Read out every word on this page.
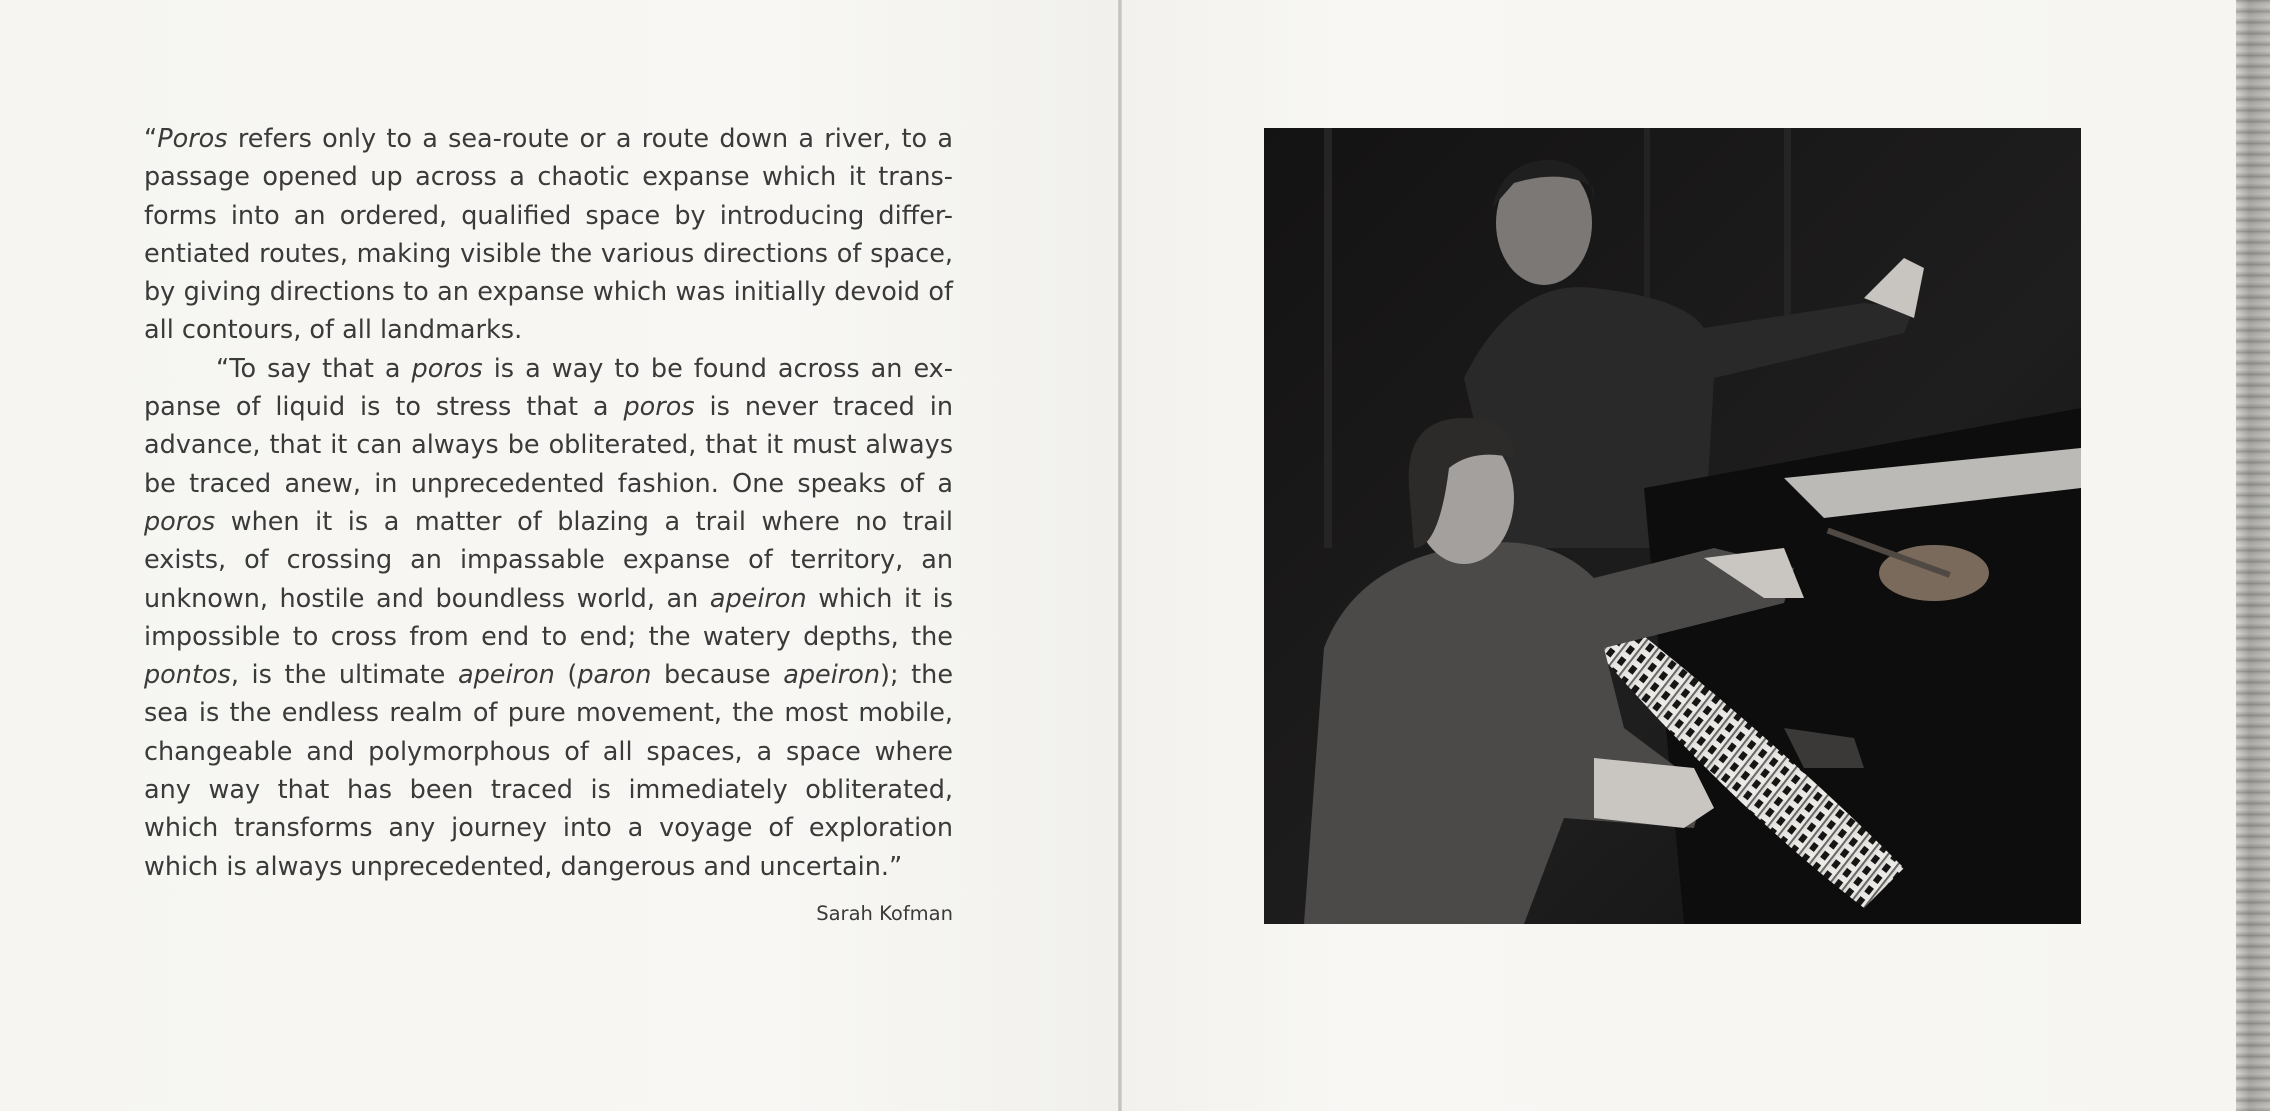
“Poros refers only to a sea-route or a route down a river, to a passage opened up across a chaotic expanse which it trans- forms into an ordered, qualified space by introducing differ- entiated routes, making visible the various directions of space, by giving directions to an expanse which was initially devoid of all contours, of all landmarks.

“To say that a poros is a way to be found across an ex- panse of liquid is to stress that a poros is never traced in advance, that it can always be obliterated, that it must always be traced anew, in unprecedented fashion. One speaks of a poros when it is a matter of blazing a trail where no trail exists, of crossing an impassable expanse of territory, an unknown, hostile and boundless world, an apeiron which it is impossible to cross from end to end; the watery depths, the pontos, is the ultimate apeiron (paron because apeiron); the sea is the endless realm of pure movement, the most mobile, changeable and polymorphous of all spaces, a space where any way that has been traced is immediately obliterated, which transforms any journey into a voyage of exploration which is always unprecedented, dangerous and uncertain.”

Sarah Kofman
